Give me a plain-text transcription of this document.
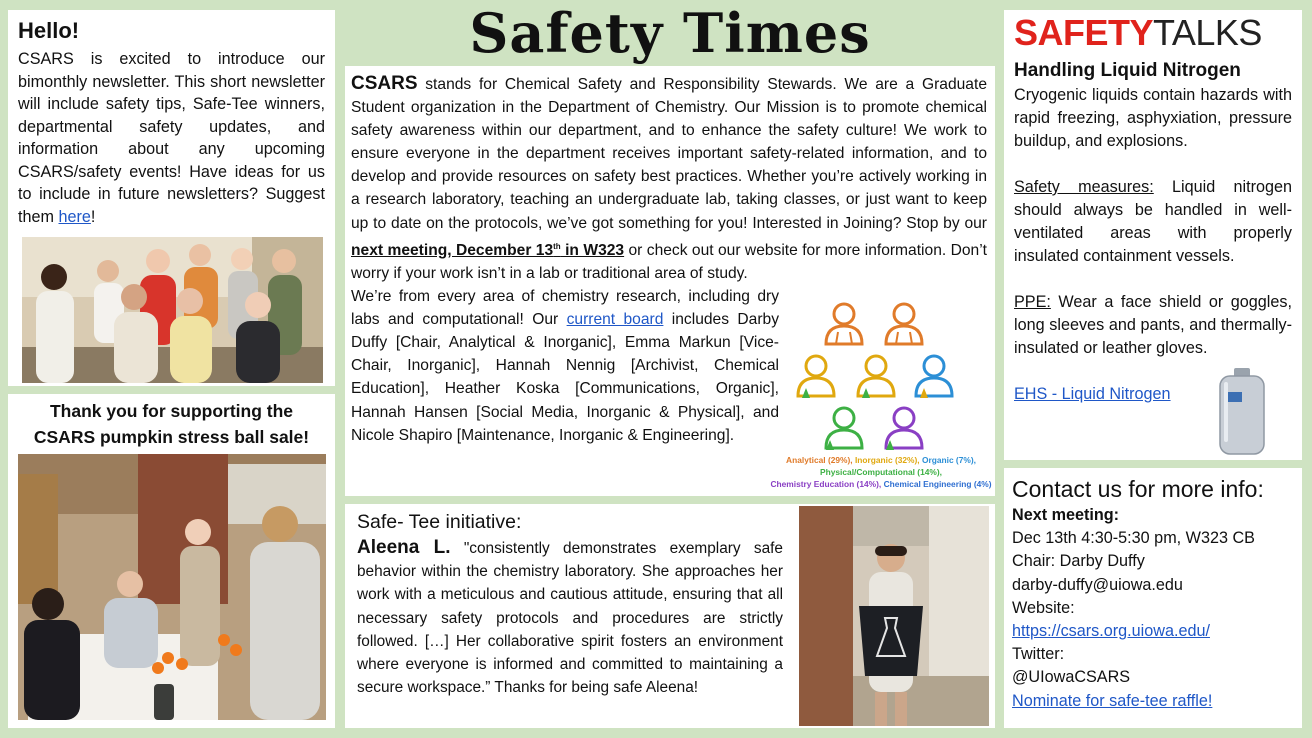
Safety Times
Hello!

CSARS is excited to introduce our bimonthly newsletter. This short newsletter will include safety tips, Safe-Tee winners, departmental safety updates, and information about any upcoming CSARS/safety events! Have ideas for us to include in future newsletters? Suggest them here!

Thank you for supporting the
CSARS pumpkin stress ball sale!

CSARS stands for Chemical Safety and Responsibility Stewards. We are a Graduate Student organization in the Department of Chemistry. Our Mission is to promote chemical safety awareness within our department, and to enhance the safety culture! We work to ensure everyone in the department receives important safety-related information, and to develop and provide resources on safety best practices. Whether you’re actively working in a research laboratory, teaching an undergraduate lab, taking classes, or just want to keep up to date on the protocols, we’ve got something for you! Interested in Joining? Stop by our next meeting, December 13th in W323 or check out our website for more information. Don’t worry if your work isn’t in a lab or traditional area of study.

We’re from every area of chemistry research, including dry labs and computational! Our current board includes Darby Duffy [Chair, Analytical & Inorganic], Emma Markun [Vice-Chair, Inorganic], Hannah Nennig [Archivist, Chemical Education], Heather Koska [Communications, Organic], Hannah Hansen [Social Media, Inorganic & Physical], and Nicole Shapiro [Maintenance, Inorganic & Engineering].

Analytical (29%), Inorganic (32%), Organic (7%),
Physical/Computational (14%),
Chemistry Education (14%), Chemical Engineering (4%)
Safe- Tee initiative:

Aleena L. "consistently demonstrates exemplary safe behavior within the chemistry laboratory. She approaches her work with a meticulous and cautious attitude, ensuring that all necessary safety protocols and procedures are strictly followed. […] Her collaborative spirit fosters an environment where everyone is informed and committed to maintaining a secure workspace.” Thanks for being safe Aleena!

SAFETYTALKS
Handling Liquid Nitrogen

Cryogenic liquids contain hazards with rapid freezing, asphyxiation, pressure buildup, and explosions.

Safety measures: Liquid nitrogen should always be handled in well-ventilated areas with properly insulated containment vessels.

PPE: Wear a face shield or goggles, long sleeves and pants, and thermally-insulated or leather gloves.

EHS - Liquid Nitrogen

Contact us for more info:
Next meeting:
Dec 13th 4:30-5:30 pm, W323 CB
Chair: Darby Duffy
darby-duffy@uiowa.edu
Website:
https://csars.org.uiowa.edu/
Twitter:
@UIowaCSARS
Nominate for safe-tee raffle!
